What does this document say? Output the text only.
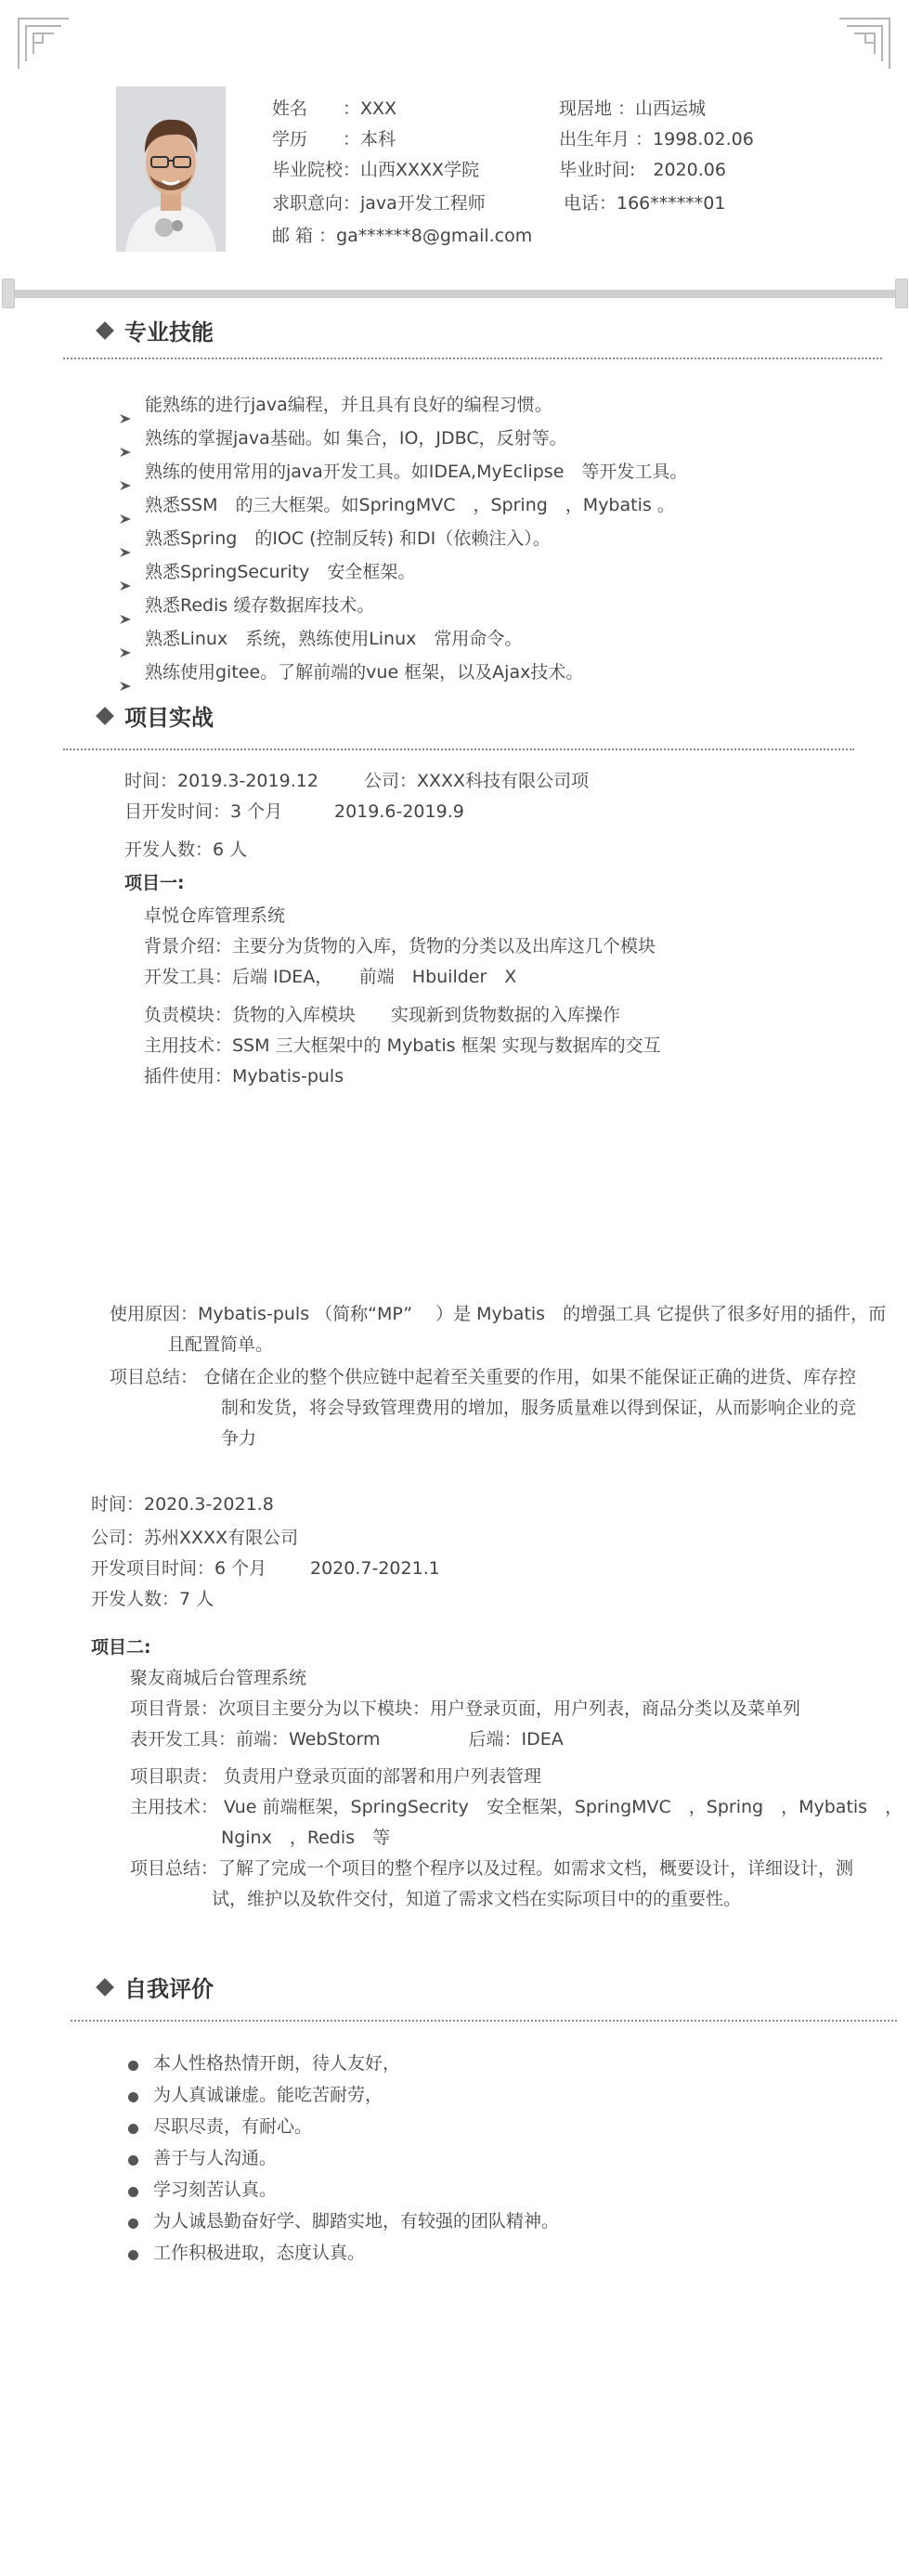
姓名　　：XXX	现居地 ：山西运城
学历　　：本科	出生年月 ：1998.02.06
毕业院校：山西XXXX学院	毕业时间:　2020.06
求职意向：java开发工程师	电话：166******01
邮 箱 ：ga******8@gmail.com
专业技能
能熟练的进行java编程，并且具有良好的编程习惯。
熟练的掌握java基础。如 集合，IO，JDBC，反射等。
熟练的使用常用的java开发工具。如IDEA,MyEclipse　等开发工具。
熟悉SSM　的三大框架。如SpringMVC　，Spring　，Mybatis 。
熟悉Spring　的IOC (控制反转) 和DI（依赖注入）。
熟悉SpringSecurity　安全框架。
熟悉Redis 缓存数据库技术。
熟悉Linux　系统，熟练使用Linux　常用命令。
熟练使用gitee。了解前端的vue 框架，以及Ajax技术。
项目实战
时间：2019.3-2019.12	公司：XXXX科技有限公司项
目开发时间：3 个月	2019.6-2019.9
开发人数：6 人
项目一:
卓悦仓库管理系统
背景介绍：主要分为货物的入库，货物的分类以及出库这几个模块
开发工具：后端 IDEA，　　前端　Hbuilder　X
负责模块：货物的入库模块　　实现新到货物数据的入库操作
主用技术：SSM 三大框架中的 Mybatis 框架 实现与数据库的交互
插件使用：Mybatis-puls
使用原因：Mybatis-puls （简称“MP”　 ）是 Mybatis　的增强工具 它提供了很多好用的插件，而
且配置简单。
项目总结： 仓储在企业的整个供应链中起着至关重要的作用，如果不能保证正确的进货、库存控
制和发货，将会导致管理费用的增加，服务质量难以得到保证，从而影响企业的竞
争力
时间：2020.3-2021.8
公司：苏州XXXX有限公司
开发项目时间：6 个月 2020.7-2021.1
开发人数：7 人
项目二:
聚友商城后台管理系统
项目背景：次项目主要分为以下模块：用户登录页面，用户列表，商品分类以及菜单列
表开发工具：前端：WebStorm　　　　　后端：IDEA
项目职责： 负责用户登录页面的部署和用户列表管理
主用技术： Vue 前端框架，SpringSecrity　安全框架，SpringMVC　，Spring　，Mybatis　，
Nginx　，Redis　等
项目总结：了解了完成一个项目的整个程序以及过程。如需求文档，概要设计，详细设计，测
试，维护以及软件交付，知道了需求文档在实际项目中的的重要性。
自我评价
本人性格热情开朗，待人友好，
为人真诚谦虚。能吃苦耐劳，
尽职尽责，有耐心。
善于与人沟通。
学习刻苦认真。
为人诚恳勤奋好学、脚踏实地，有较强的团队精神。
工作积极进取，态度认真。
